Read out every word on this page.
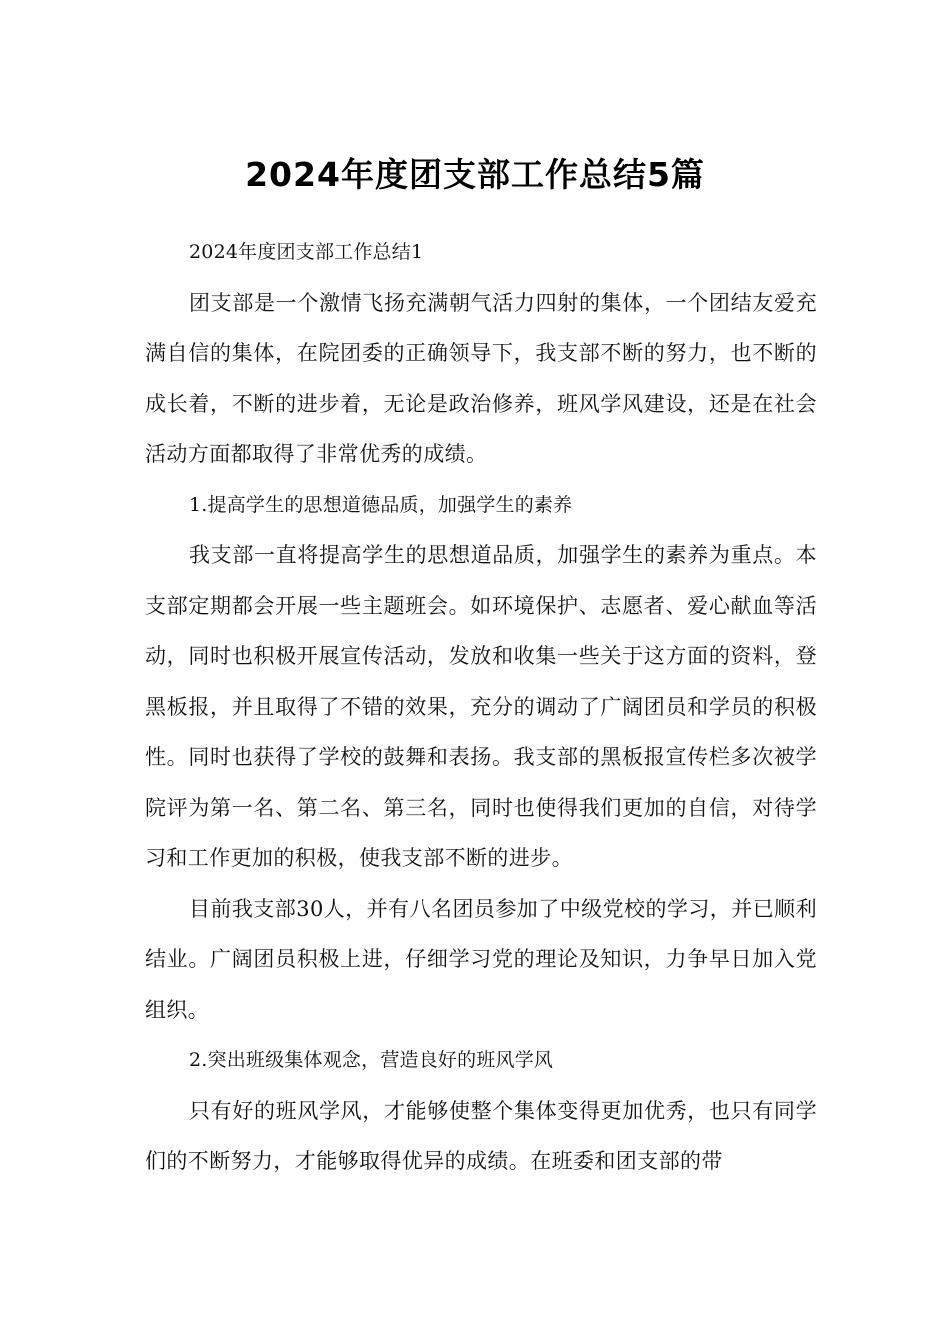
2024年度团支部工作总结5篇

2024年度团支部工作总结1

团支部是一个激情飞扬充满朝气活力四射的集体，一个团结友爱充满自信的集体，在院团委的正确领导下，我支部不断的努力，也不断的成长着，不断的进步着，无论是政治修养，班风学风建设，还是在社会活动方面都取得了非常优秀的成绩。

1.提高学生的思想道德品质，加强学生的素养

我支部一直将提高学生的思想道品质，加强学生的素养为重点。本支部定期都会开展一些主题班会。如环境保护、志愿者、爱心献血等活动，同时也积极开展宣传活动，发放和收集一些关于这方面的资料，登黑板报，并且取得了不错的效果，充分的调动了广阔团员和学员的积极性。同时也获得了学校的鼓舞和表扬。我支部的黑板报宣传栏多次被学院评为第一名、第二名、第三名，同时也使得我们更加的自信，对待学习和工作更加的积极，使我支部不断的进步。

目前我支部30人，并有八名团员参加了中级党校的学习，并已顺利结业。广阔团员积极上进，仔细学习党的理论及知识，力争早日加入党组织。

2.突出班级集体观念，营造良好的班风学风

只有好的班风学风，才能够使整个集体变得更加优秀，也只有同学们的不断努力，才能够取得优异的成绩。在班委和团支部的带
